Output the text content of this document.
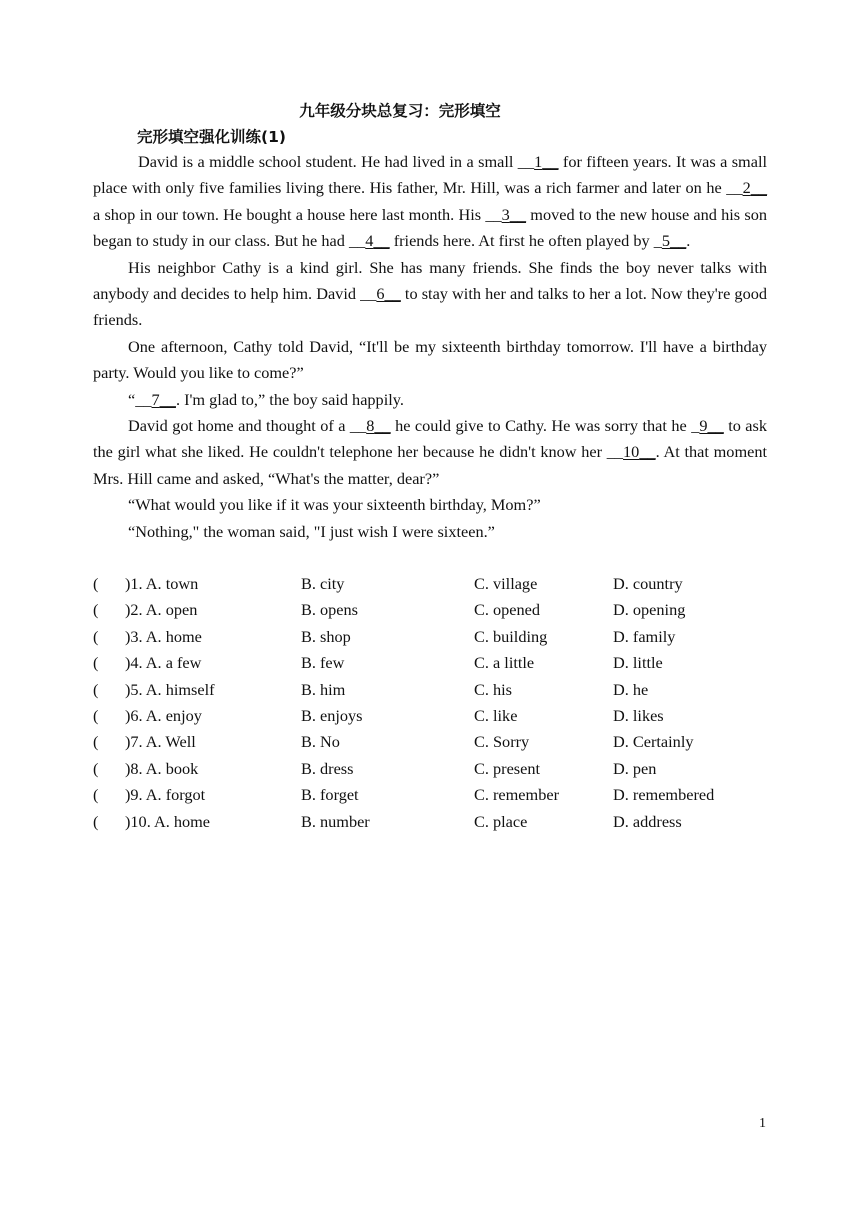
九年级分块总复习：完形填空
完形填空强化训练(1)

David is a middle school student. He had lived in a small __1__ for fifteen years. It was a small place with only five families living there. His father, Mr. Hill, was a rich farmer and later on he __2__ a shop in our town. He bought a house here last month. His __3__ moved to the new house and his son began to study in our class. But he had __4__ friends here. At first he often played by _5__.

His neighbor Cathy is a kind girl. She has many friends. She finds the boy never talks with anybody and decides to help him. David __6__ to stay with her and talks to her a lot. Now they're good friends.

One afternoon, Cathy told David, “It'll be my sixteenth birthday tomorrow. I'll have a birthday party. Would you like to come?”

“__7__. I'm glad to,” the boy said happily.

David got home and thought of a __8__ he could give to Cathy. He was sorry that he _9__ to ask the girl what she liked. He couldn't telephone her because he didn't know her __10__. At that moment Mrs. Hill came and asked, “What's the matter, dear?”

“What would you like if it was your sixteenth birthday, Mom?”

“Nothing," the woman said, "I just wish I were sixteen.”

( )1. A. town	B. city	C. village	D. country
( )2. A. open	B. opens	C. opened	D. opening
( )3. A. home	B. shop	C. building	D. family
( )4. A. a few	B. few	C. a little	D. little
( )5. A. himself	B. him	C. his	D. he
( )6. A. enjoy	B. enjoys	C. like	D. likes
( )7. A. Well	B. No	C. Sorry	D. Certainly
( )8. A. book	B. dress	C. present	D. pen
( )9. A. forgot	B. forget	C. remember	D. remembered
( )10. A. home	B. number	C. place	D. address
1
